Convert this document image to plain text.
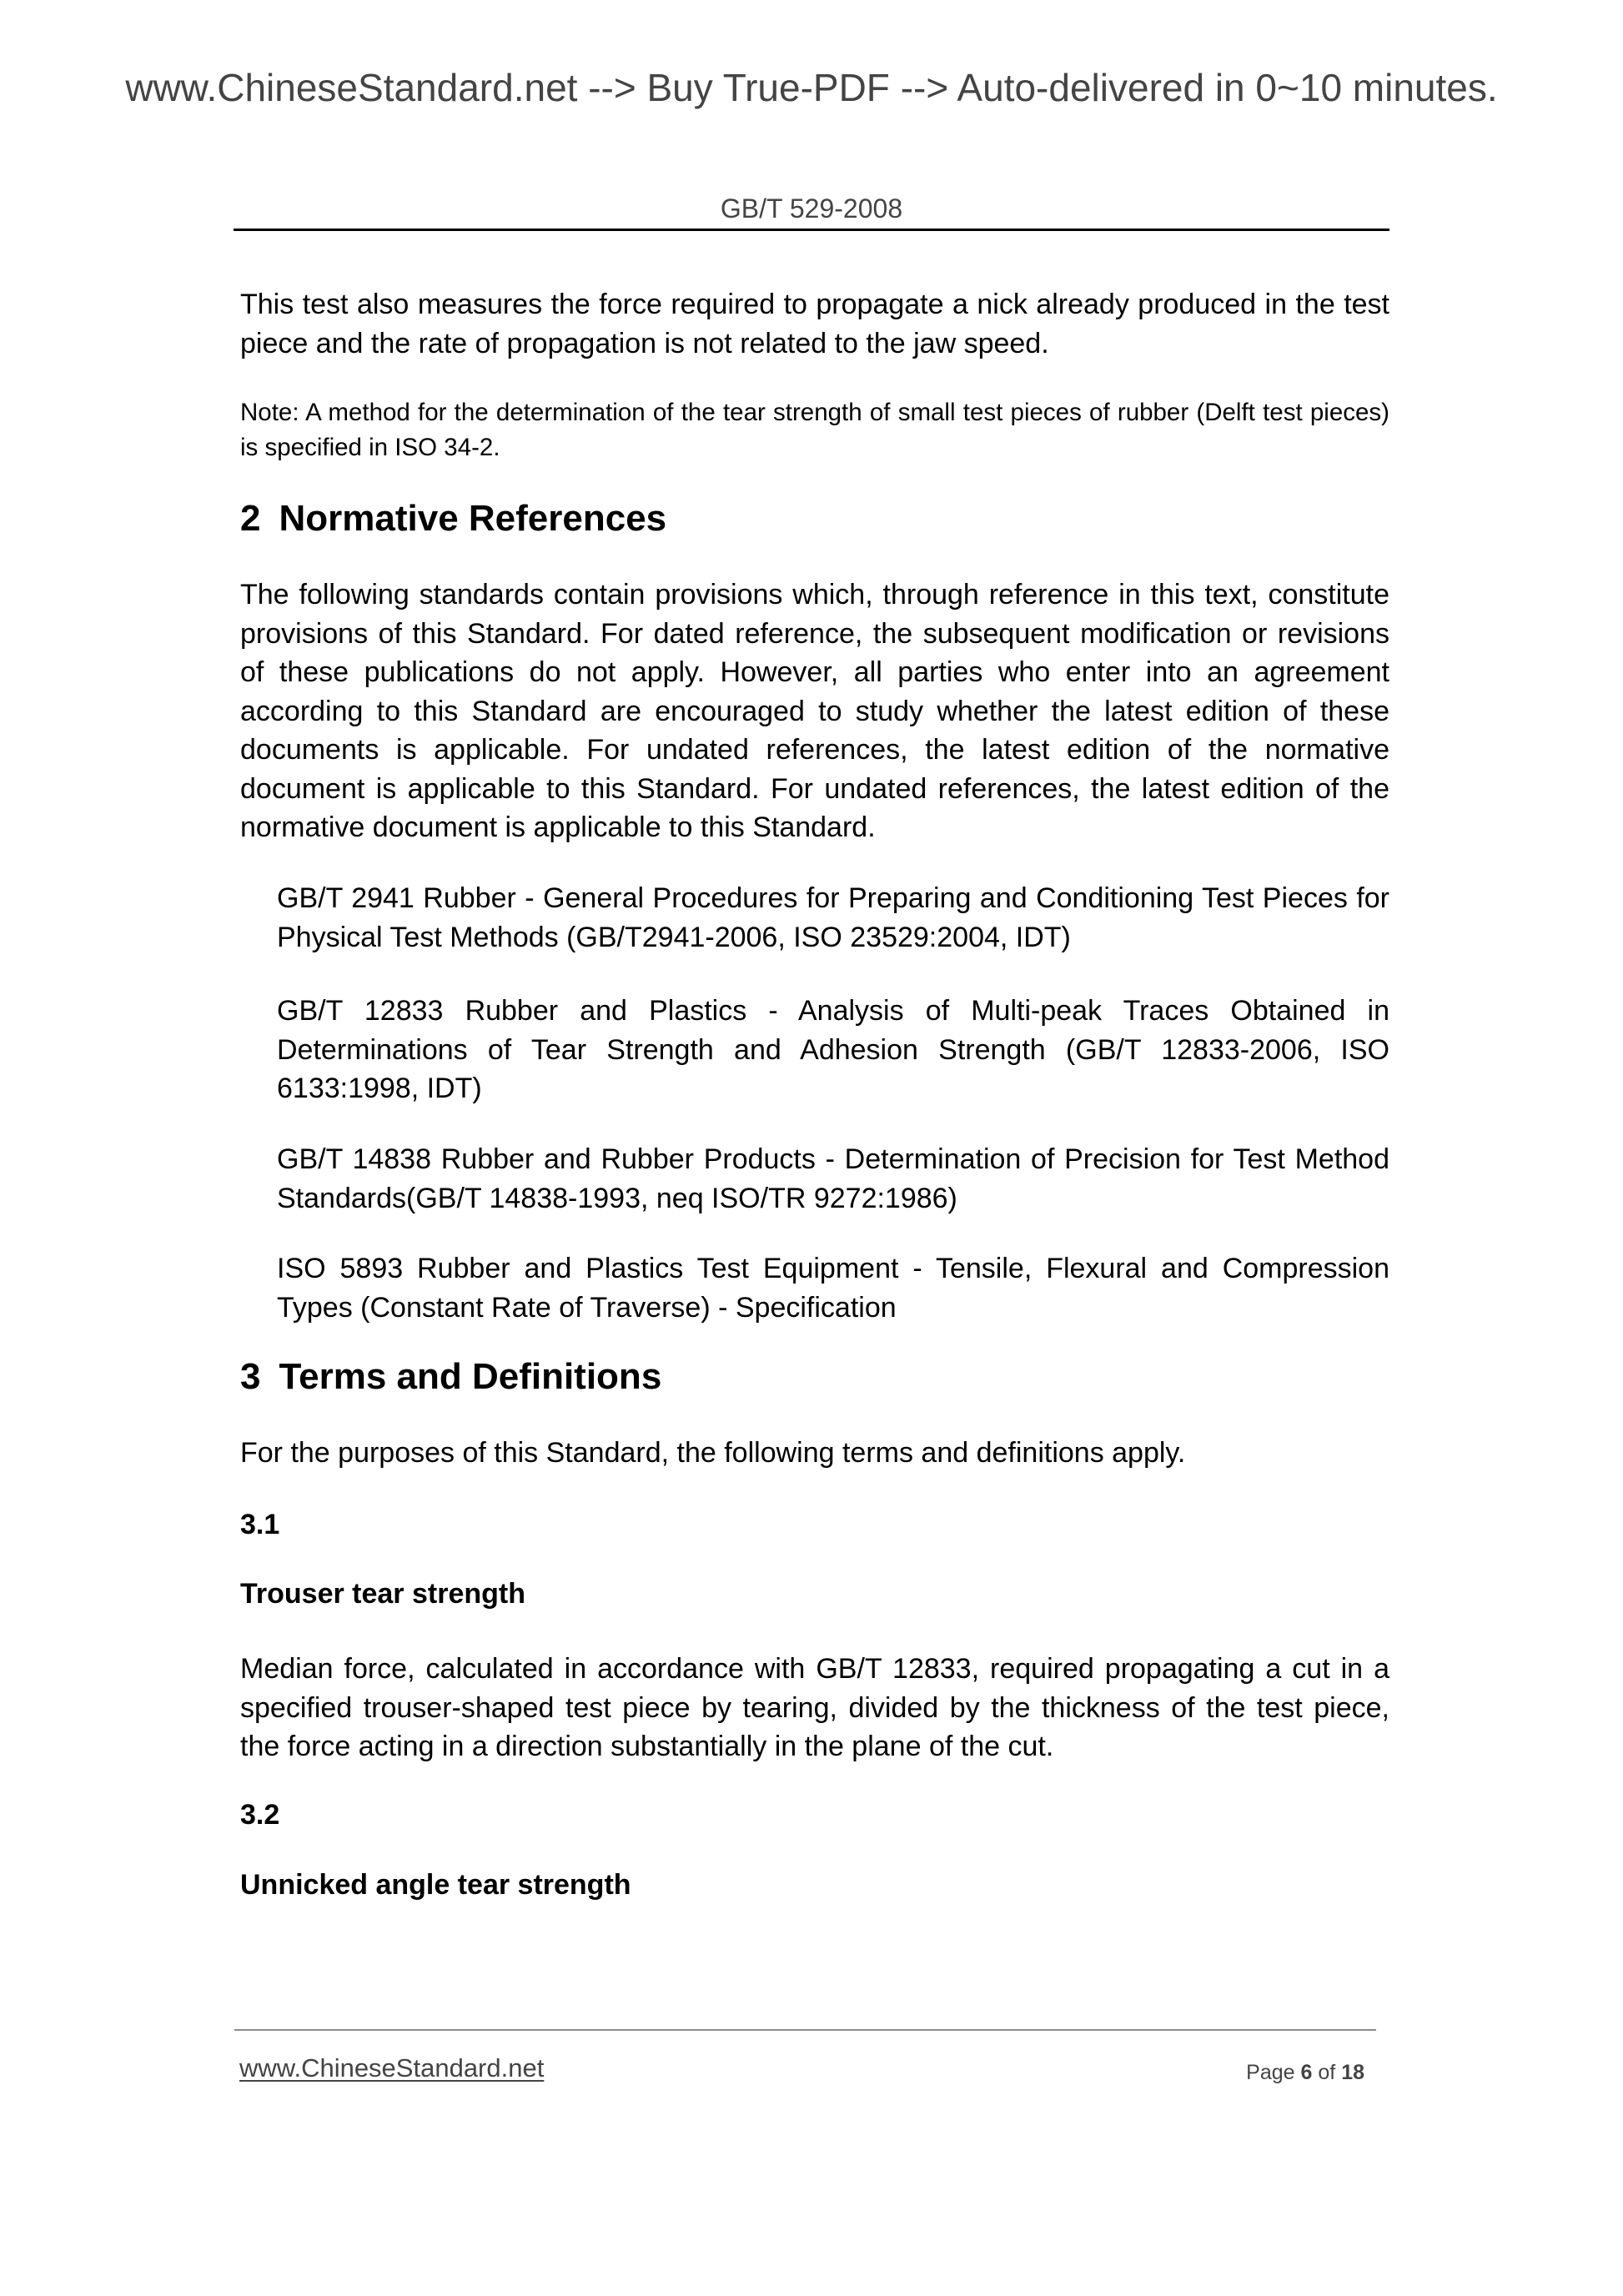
www.ChineseStandard.net --> Buy True-PDF --> Auto-delivered in 0~10 minutes.
GB/T 529-2008
This test also measures the force required to propagate a nick already produced in the test piece and the rate of propagation is not related to the jaw speed.
Note: A method for the determination of the tear strength of small test pieces of rubber (Delft test pieces) is specified in ISO 34-2.
2 Normative References
The following standards contain provisions which, through reference in this text, constitute provisions of this Standard. For dated reference, the subsequent modification or revisions of these publications do not apply. However, all parties who enter into an agreement according to this Standard are encouraged to study whether the latest edition of these documents is applicable. For undated references, the latest edition of the normative document is applicable to this Standard. For undated references, the latest edition of the normative document is applicable to this Standard.
GB/T 2941 Rubber - General Procedures for Preparing and Conditioning Test Pieces for Physical Test Methods (GB/T2941-2006, ISO 23529:2004, IDT)
GB/T 12833 Rubber and Plastics - Analysis of Multi-peak Traces Obtained in Determinations of Tear Strength and Adhesion Strength (GB/T 12833-2006, ISO 6133:1998, IDT)
GB/T 14838 Rubber and Rubber Products - Determination of Precision for Test Method Standards(GB/T 14838-1993, neq ISO/TR 9272:1986)
ISO 5893 Rubber and Plastics Test Equipment - Tensile, Flexural and Compression Types (Constant Rate of Traverse) - Specification
3 Terms and Definitions
For the purposes of this Standard, the following terms and definitions apply.
3.1
Trouser tear strength
Median force, calculated in accordance with GB/T 12833, required propagating a cut in a specified trouser-shaped test piece by tearing, divided by the thickness of the test piece, the force acting in a direction substantially in the plane of the cut.
3.2
Unnicked angle tear strength
www.ChineseStandard.net	Page 6 of 18
